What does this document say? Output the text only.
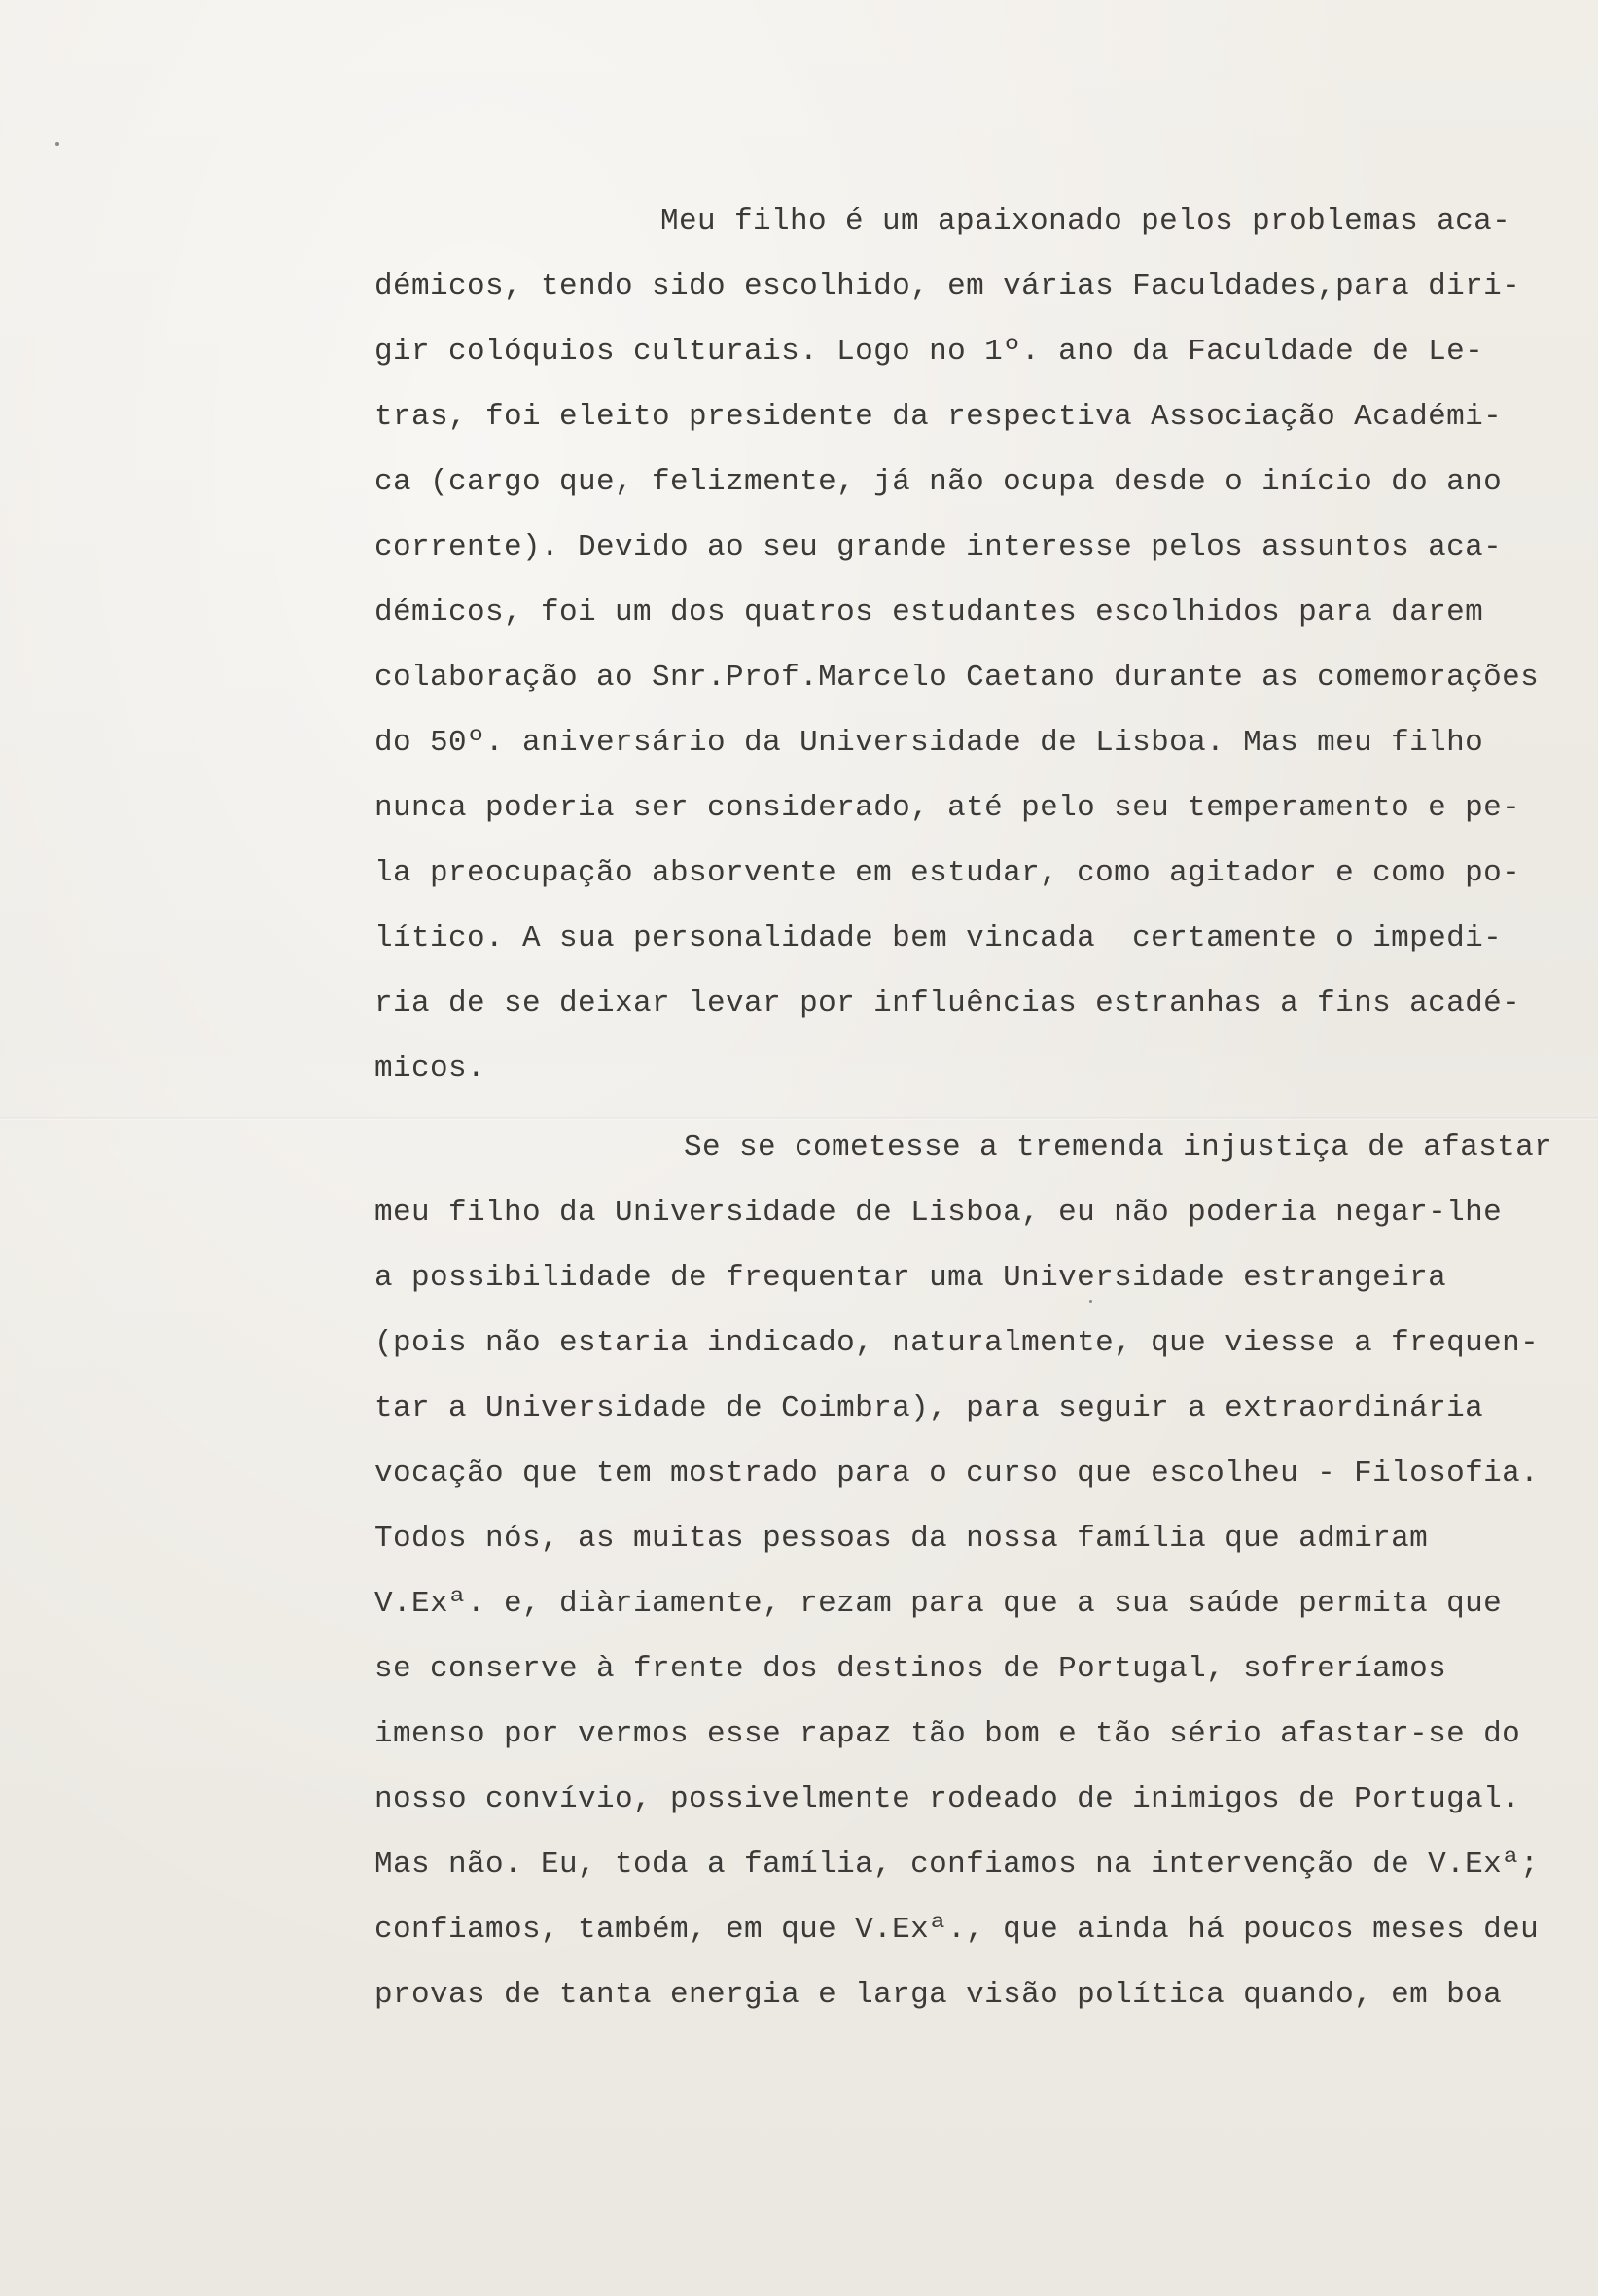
Meu filho é um apaixonado pelos problemas aca-
démicos, tendo sido escolhido, em várias Faculdades,para diri-
gir colóquios culturais. Logo no 1º. ano da Faculdade de Le-
tras, foi eleito presidente da respectiva Associação Académi-
ca (cargo que, felizmente, já não ocupa desde o início do ano
corrente). Devido ao seu grande interesse pelos assuntos aca-
démicos, foi um dos quatros estudantes escolhidos para darem
colaboração ao Snr.Prof.Marcelo Caetano durante as comemorações
do 50º. aniversário da Universidade de Lisboa. Mas meu filho
nunca poderia ser considerado, até pelo seu temperamento e pe-
la preocupação absorvente em estudar, como agitador e como po-
lítico. A sua personalidade bem vincada  certamente o impedi-
ria de se deixar levar por influências estranhas a fins acadé-
micos.
Se se cometesse a tremenda injustiça de afastar
meu filho da Universidade de Lisboa, eu não poderia negar-lhe
a possibilidade de frequentar uma Universidade estrangeira
(pois não estaria indicado, naturalmente, que viesse a frequen-
tar a Universidade de Coimbra), para seguir a extraordinária
vocação que tem mostrado para o curso que escolheu - Filosofia.
Todos nós, as muitas pessoas da nossa família que admiram
V.Exª. e, diàriamente, rezam para que a sua saúde permita que
se conserve à frente dos destinos de Portugal, sofreríamos
imenso por vermos esse rapaz tão bom e tão sério afastar-se do
nosso convívio, possivelmente rodeado de inimigos de Portugal.
Mas não. Eu, toda a família, confiamos na intervenção de V.Exª;
confiamos, também, em que V.Exª., que ainda há poucos meses deu
provas de tanta energia e larga visão política quando, em boa
